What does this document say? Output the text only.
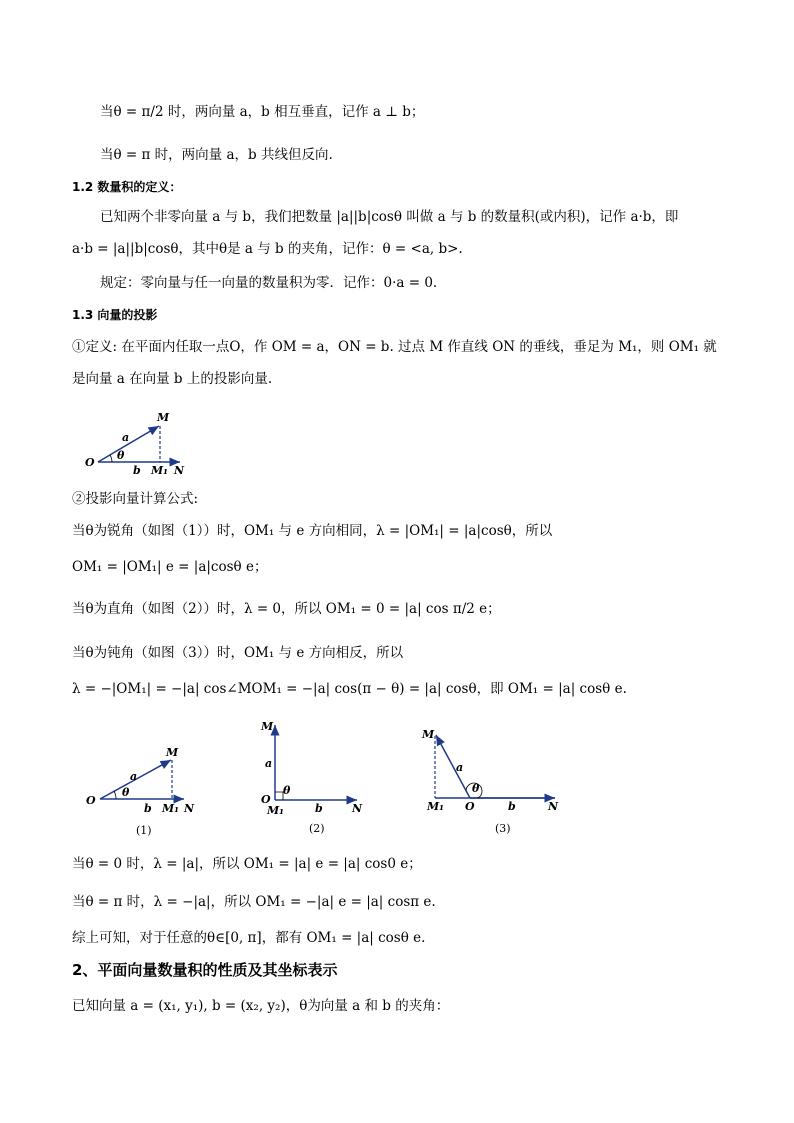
当θ = π/2 时，两向量 a，b 相互垂直，记作 a ⊥ b；
当θ = π 时，两向量 a，b 共线但反向.
1.2 数量积的定义：
已知两个非零向量 a 与 b，我们把数量 |a||b|cosθ 叫做 a 与 b 的数量积(或内积)，记作 a·b，即
a·b = |a||b|cosθ，其中θ是 a 与 b 的夹角，记作：θ = <a, b>.
规定：零向量与任一向量的数量积为零．记作：0·a = 0.
1.3 向量的投影
①定义: 在平面内任取一点O，作 OM = a，ON = b. 过点 M 作直线 ON 的垂线，垂足为 M₁，则 OM₁ 就
是向量 a 在向量 b 上的投影向量.
O
M
M₁ N
a
b
θ
②投影向量计算公式:
当θ为锐角（如图（1））时，OM₁ 与 e 方向相同，λ = |OM₁| = |a|cosθ，所以
OM₁ = |OM₁| e = |a|cosθ e；
当θ为直角（如图（2））时，λ = 0，所以 OM₁ = 0 = |a| cos π/2 e；
当θ为钝角（如图（3））时，OM₁ 与 e 方向相反，所以
λ = −|OM₁| = −|a| cos∠MOM₁ = −|a| cos(π − θ) = |a| cosθ，即 OM₁ = |a| cosθ e.
O
M
M₁ N
a
b
θ
(1)
M
a
θ
O
M₁	b	N
(2)
M
a
θ
M₁ O	b	N
(3)
当θ = 0 时，λ = |a|，所以 OM₁ = |a| e = |a| cos0 e；
当θ = π 时，λ = −|a|，所以 OM₁ = −|a| e = |a| cosπ e.
综上可知，对于任意的θ∈[0, π]，都有 OM₁ = |a| cosθ e.
2、平面向量数量积的性质及其坐标表示
已知向量 a = (x₁, y₁), b = (x₂, y₂)，θ为向量 a 和 b 的夹角：
